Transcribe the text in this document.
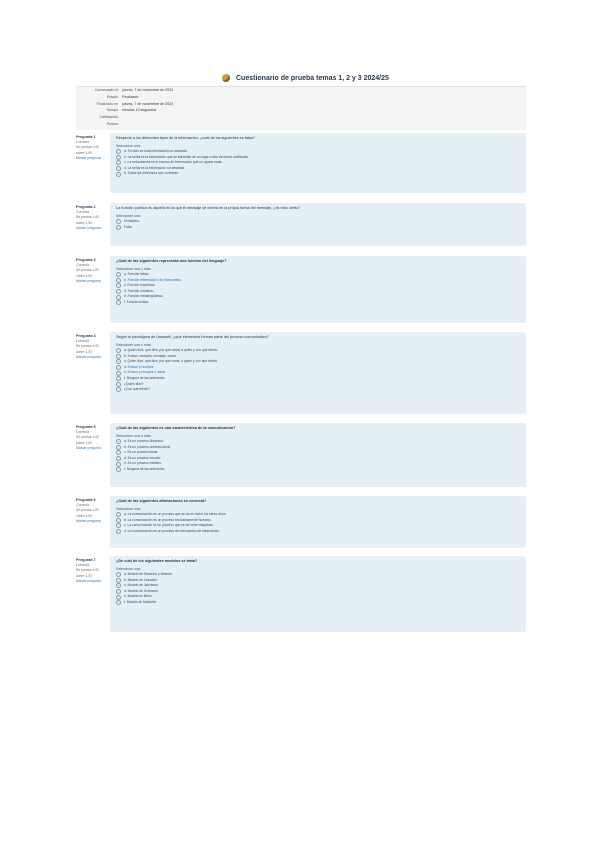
Cuestionario de prueba temas 1, 2 y 3 2024/25
Comenzado el	jueves, 7 de noviembre de 2024
Estado	Finalizado
Finalizado en	jueves, 7 de noviembre de 2024
Tiempo	minutos 10 segundos
Calificación
Puntos
Pregunta 1
Correcta
Se puntúa 1,00 sobre 1,00
Marcar pregunta
Respecto a los diferentes tipos de la información, ¿cuál de las siguientes es falsa?
Seleccione una:
a. El ruido es toda información no deseada.
b. La señal es la información que se transmite de un lugar a otro de forma codificada.
c. La redundancia es el exceso de información que no aporta nada.
d. La señal es la información no deseada.
e. Todas las anteriores son correctas.
Pregunta 2
Correcta
Se puntúa 1,00 sobre 1,00
Marcar pregunta
La función poética es aquella en la que el mensaje se centra en la propia forma del mensaje, ¿es esto cierto?
Seleccione una:
Verdadero
Falso
Pregunta 3
Correcta
Se puntúa 1,00 sobre 1,00
Marcar pregunta
¿Cuál de las siguientes representa una función del lenguaje?
Seleccione una o más:
a. Función fática.
b. Función referencial o de intercambio.
c. Función expresiva.
d. Función conativa.
e. Función metalingüística.
f. Función lúdica.
Pregunta 4
Correcta
Se puntúa 1,00 sobre 1,00
Marcar pregunta
Según el paradigma de Lasswell, ¿qué elementos forman parte del proceso comunicativo?
Seleccione una o más:
a. Quién dice, qué dice, por qué canal, a quién y con qué efecto.
b. Emisor, receptor, mensaje, canal.
c. Quién dice, qué dice, por qué canal, a quién y con qué efecto.
d. Emisor y receptor.
e. Emisor y receptor y canal.
f. Ninguna de las anteriores.
¿Quién dice?
¿Con qué efecto?
Pregunta 5
Correcta
Se puntúa 1,00 sobre 1,00
Marcar pregunta
¿Cuál de las siguientes es una característica de la comunicación?
Seleccione una o más:
a. Es un proceso dinámico.
b. Es un proceso unidireccional.
c. Es un proceso lineal.
d. Es un proceso circular.
e. Es un proceso estático.
f. Ninguna de las anteriores.
Pregunta 6
Correcta
Se puntúa 1,00 sobre 1,00
Marcar pregunta
¿Cuál de las siguientes afirmaciones es correcta?
Seleccione una:
a. La comunicación es un proceso que se da en todos los seres vivos.
b. La comunicación es un proceso exclusivamente humano.
c. La comunicación es un proceso que se da entre máquinas.
d. La comunicación es un proceso de intercambio de información.
Pregunta 7
Correcta
Se puntúa 1,00 sobre 1,00
Marcar pregunta
¿De cuál de los siguientes modelos se trata?
Seleccione una:
a. Modelo de Shannon y Weaver.
b. Modelo de Lasswell.
c. Modelo de Jakobson.
d. Modelo de Schramm.
e. Modelo de Berlo.
f. Modelo de Maletzke.
